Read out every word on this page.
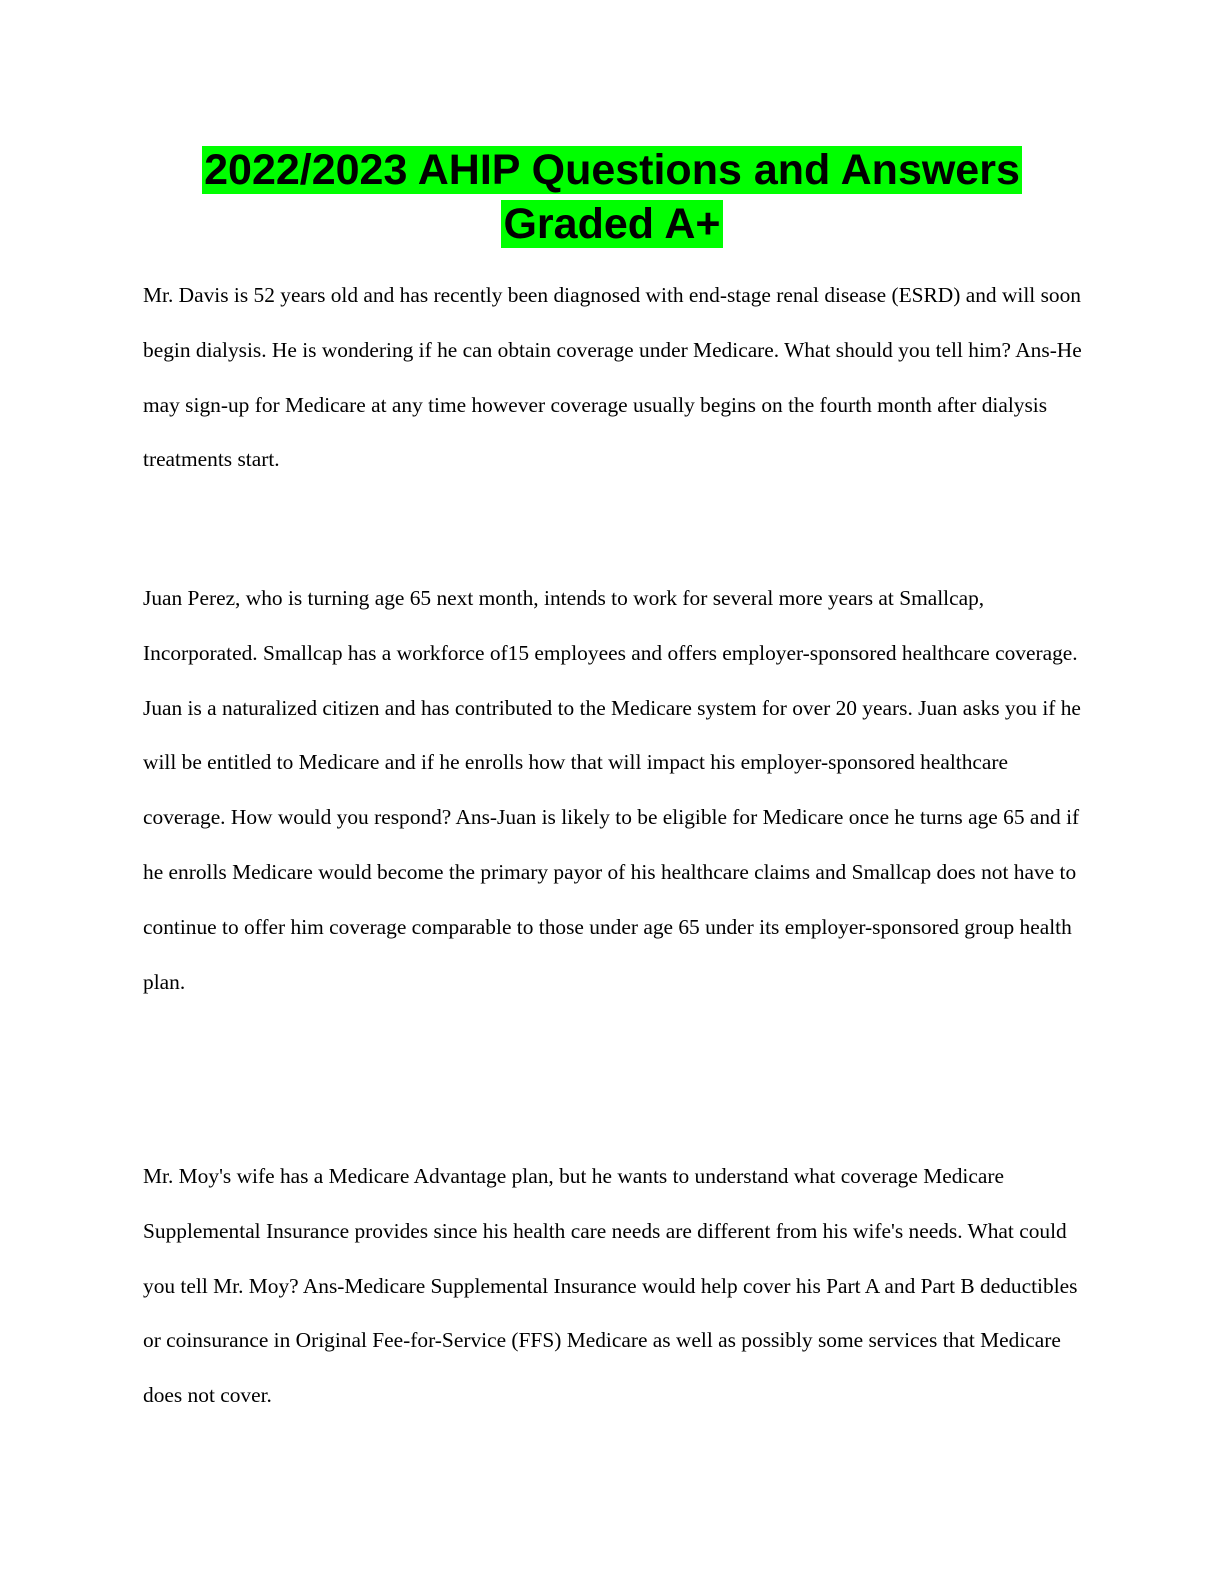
2022/2023 AHIP Questions and Answers
Graded A+

Mr. Davis is 52 years old and has recently been diagnosed with end-stage renal disease (ESRD) and will soon begin dialysis. He is wondering if he can obtain coverage under Medicare. What should you tell him? Ans-He may sign-up for Medicare at any time however coverage usually begins on the fourth month after dialysis treatments start.

Juan Perez, who is turning age 65 next month, intends to work for several more years at Smallcap, Incorporated. Smallcap has a workforce of15 employees and offers employer-sponsored healthcare coverage. Juan is a naturalized citizen and has contributed to the Medicare system for over 20 years. Juan asks you if he will be entitled to Medicare and if he enrolls how that will impact his employer-sponsored healthcare coverage. How would you respond? Ans-Juan is likely to be eligible for Medicare once he turns age 65 and if he enrolls Medicare would become the primary payor of his healthcare claims and Smallcap does not have to continue to offer him coverage comparable to those under age 65 under its employer-sponsored group health plan.

Mr. Moy's wife has a Medicare Advantage plan, but he wants to understand what coverage Medicare Supplemental Insurance provides since his health care needs are different from his wife's needs. What could you tell Mr. Moy? Ans-Medicare Supplemental Insurance would help cover his Part A and Part B deductibles or coinsurance in Original Fee-for-Service (FFS) Medicare as well as possibly some services that Medicare does not cover.
